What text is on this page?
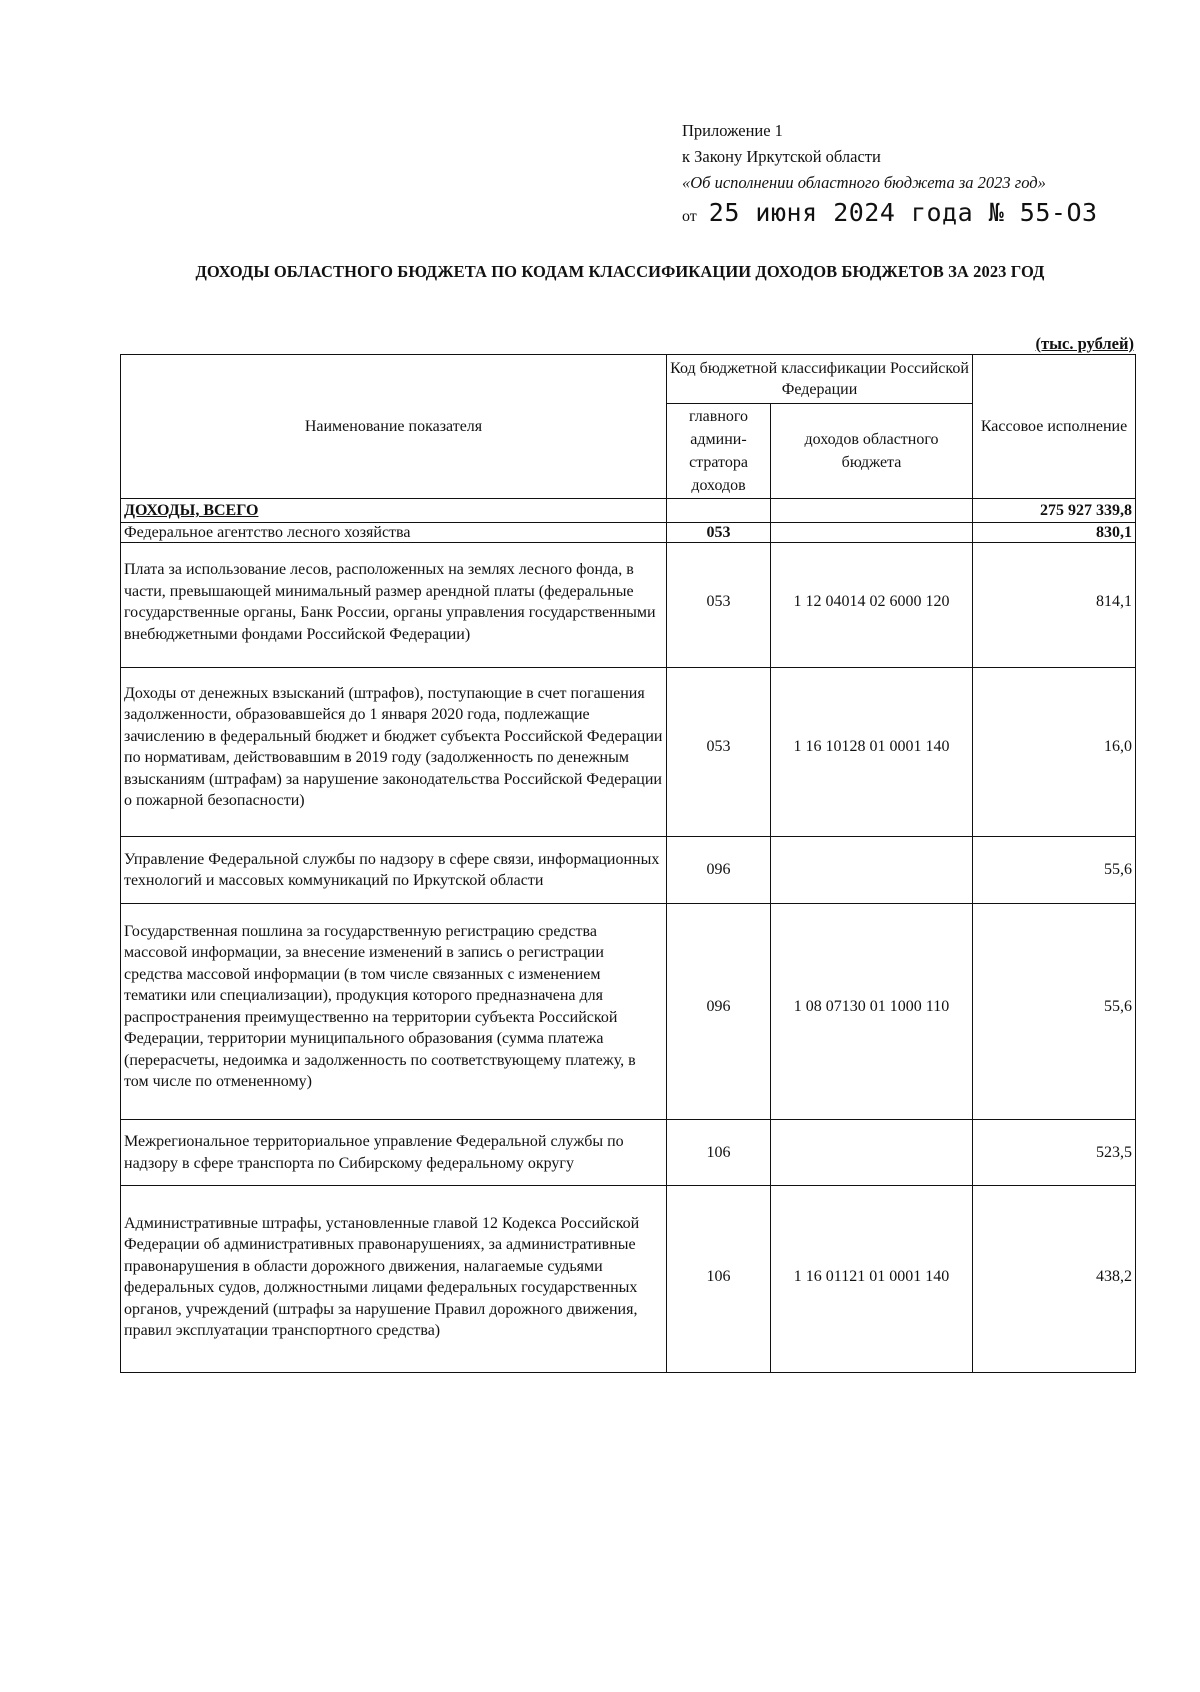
Приложение 1
к Закону Иркутской области
«Об исполнении областного бюджета за 2023 год»
от 25 июня 2024 года № 55-ОЗ
ДОХОДЫ ОБЛАСТНОГО БЮДЖЕТА ПО КОДАМ КЛАССИФИКАЦИИ ДОХОДОВ БЮДЖЕТОВ ЗА 2023 ГОД
(тыс. рублей)
Наименование показателя	Код бюджетной классификации Российской Федерации		Кассовое исполнение
	главного админи-стратора доходов	доходов областного бюджета	
ДОХОДЫ, ВСЕГО			275 927 339,8
Федеральное агентство лесного хозяйства	053		830,1
Плата за использование лесов, расположенных на землях лесного фонда, в части, превышающей минимальный размер арендной платы (федеральные государственные органы, Банк России, органы управления государственными внебюджетными фондами Российской Федерации)	053	1 12 04014 02 6000 120	814,1
Доходы от денежных взысканий (штрафов), поступающие в счет погашения задолженности, образовавшейся до 1 января 2020 года, подлежащие зачислению в федеральный бюджет и бюджет субъекта Российской Федерации по нормативам, действовавшим в 2019 году (задолженность по денежным взысканиям (штрафам) за нарушение законодательства Российской Федерации о пожарной безопасности)	053	1 16 10128 01 0001 140	16,0
Управление Федеральной службы по надзору в сфере связи, информационных технологий и массовых коммуникаций по Иркутской области	096		55,6
Государственная пошлина за государственную регистрацию средства массовой информации, за внесение изменений в запись о регистрации средства массовой информации (в том числе связанных с изменением тематики или специализации), продукция которого предназначена для распространения преимущественно на территории субъекта Российской Федерации, территории муниципального образования (сумма платежа (перерасчеты, недоимка и задолженность по соответствующему платежу, в том числе по отмененному)	096	1 08 07130 01 1000 110	55,6
Межрегиональное территориальное управление Федеральной службы по надзору в сфере транспорта по Сибирскому федеральному округу	106		523,5
Административные штрафы, установленные главой 12 Кодекса Российской Федерации об административных правонарушениях, за административные правонарушения в области дорожного движения, налагаемые судьями федеральных судов, должностными лицами федеральных государственных органов, учреждений (штрафы за нарушение Правил дорожного движения, правил эксплуатации транспортного средства)	106	1 16 01121 01 0001 140	438,2
